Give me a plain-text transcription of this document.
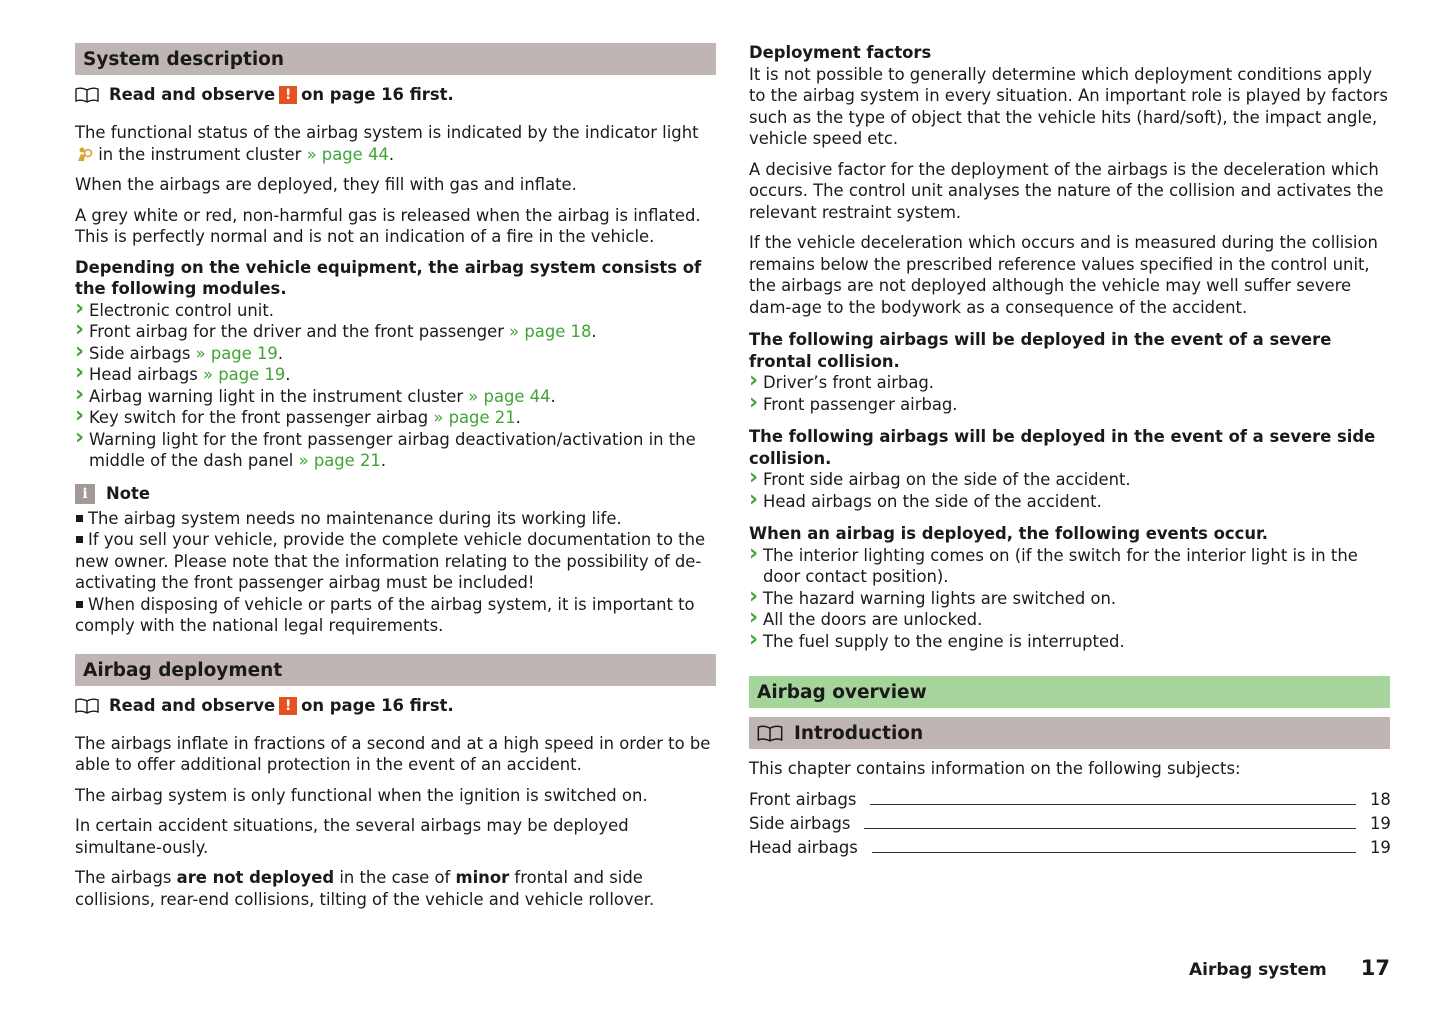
System description
Read and observe ! on page 16 first.

The functional status of the airbag system is indicated by the indicator light  in the instrument cluster » page 44.

When the airbags are deployed, they fill with gas and inflate.

A grey white or red, non-harmful gas is released when the airbag is inflated. This is perfectly normal and is not an indication of a fire in the vehicle.

Depending on the vehicle equipment, the airbag system consists of the following modules.
› Electronic control unit.
› Front airbag for the driver and the front passenger » page 18.
› Side airbags » page 19.
› Head airbags » page 19.
› Airbag warning light in the instrument cluster » page 44.
› Key switch for the front passenger airbag » page 21.
› Warning light for the front passenger airbag deactivation/activation in the middle of the dash panel » page 21.
i	Note
The airbag system needs no maintenance during its working life.
If you sell your vehicle, provide the complete vehicle documentation to the new owner. Please note that the information relating to the possibility of de-activating the front passenger airbag must be included!
When disposing of vehicle or parts of the airbag system, it is important to comply with the national legal requirements.
Airbag deployment
Read and observe ! on page 16 first.

The airbags inflate in fractions of a second and at a high speed in order to be able to offer additional protection in the event of an accident.

The airbag system is only functional when the ignition is switched on.

In certain accident situations, the several airbags may be deployed simultane-ously.

The airbags are not deployed in the case of minor frontal and side collisions, rear-end collisions, tilting of the vehicle and vehicle rollover.

Deployment factors

It is not possible to generally determine which deployment conditions apply to the airbag system in every situation. An important role is played by factors such as the type of object that the vehicle hits (hard/soft), the impact angle, vehicle speed etc.

A decisive factor for the deployment of the airbags is the deceleration which occurs. The control unit analyses the nature of the collision and activates the relevant restraint system.

If the vehicle deceleration which occurs and is measured during the collision remains below the prescribed reference values specified in the control unit, the airbags are not deployed although the vehicle may well suffer severe dam-age to the bodywork as a consequence of the accident.

The following airbags will be deployed in the event of a severe frontal collision.
› Driver’s front airbag.
› Front passenger airbag.
The following airbags will be deployed in the event of a severe side collision.
› Front side airbag on the side of the accident.
› Head airbags on the side of the accident.
When an airbag is deployed, the following events occur.
› The interior lighting comes on (if the switch for the interior light is in the door contact position).
› The hazard warning lights are switched on.
› All the doors are unlocked.
› The fuel supply to the engine is interrupted.
Airbag overview
Introduction

This chapter contains information on the following subjects:

Front airbags	18
Side airbags	19
Head airbags	19
Airbag system 17
